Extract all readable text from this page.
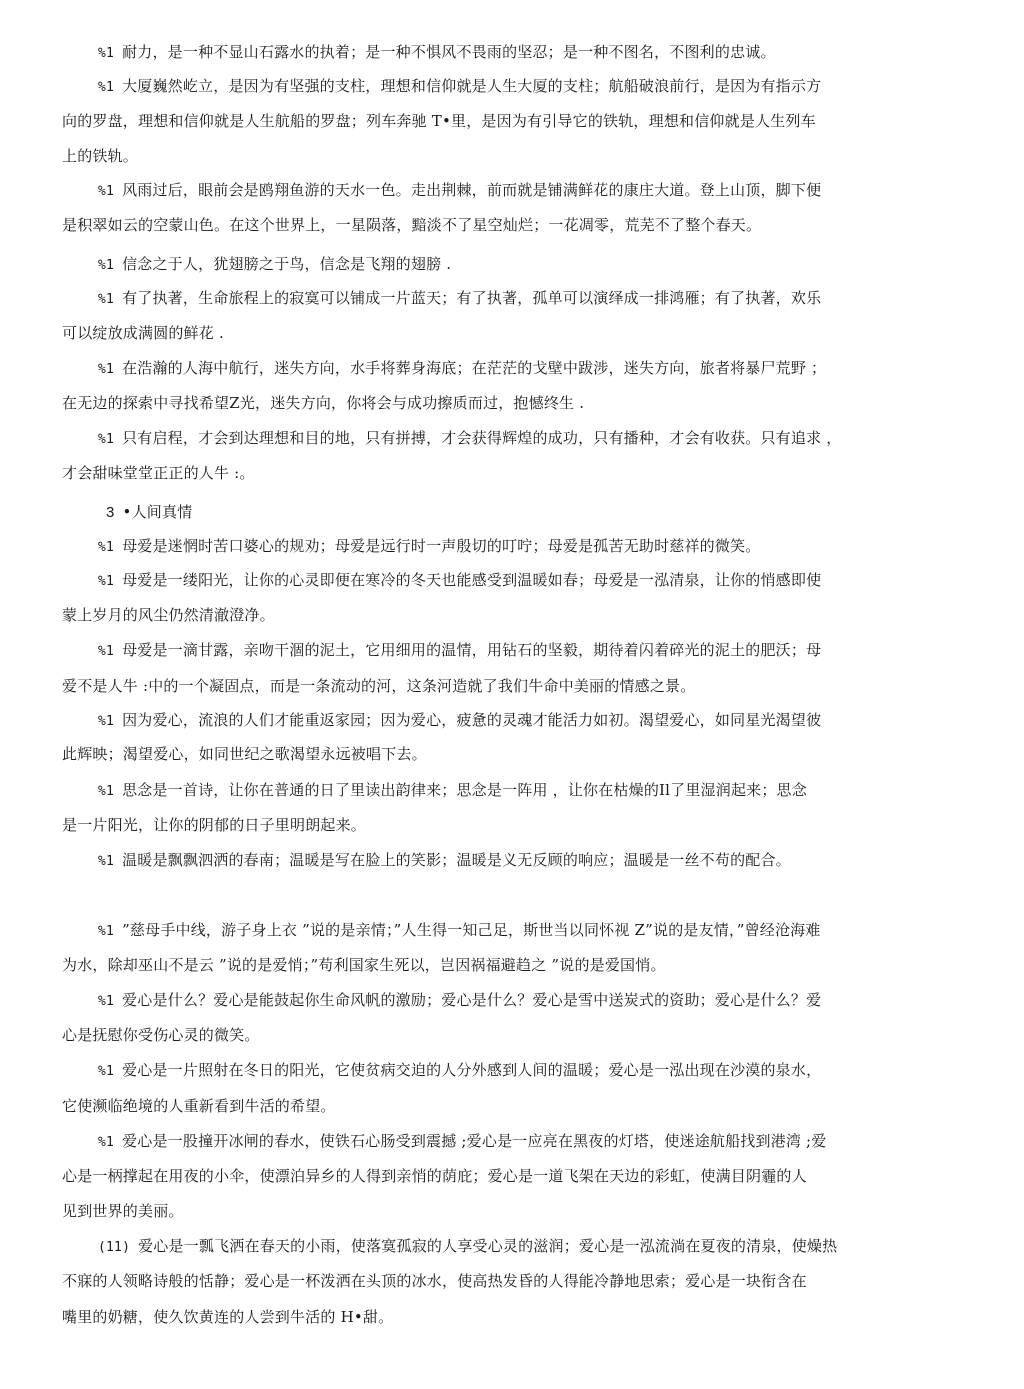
%1 耐力，是一种不显山石露水的执着；是一种不惧风不畏雨的坚忍；是一种不图名，不图利的忠诚。
%1 大厦巍然屹立，是因为有坚强的支柱，理想和信仰就是人生大厦的支柱；航船破浪前行，是因为有指示方
向的罗盘，理想和信仰就是人生航船的罗盘；列车奔驰 T•里，是因为有引导它的铁轨，理想和信仰就是人生列车
上的铁轨。
%1 风雨过后，眼前会是鸥翔鱼游的天水一色。走出荆棘，前而就是铺满鲜花的康庄大道。登上山顶，脚下便
是积翠如云的空蒙山色。在这个世界上，一星陨落，黯淡不了星空灿烂；一花凋零，荒芜不了整个春天。
%1 信念之于人，犹翅膀之于鸟，信念是飞翔的翅膀 .
%1 有了执著，生命旅程上的寂寞可以铺成一片蓝天；有了执著，孤单可以演绎成一排鸿雁；有了执著，欢乐
可以绽放成满圆的鲜花 .
%1 在浩瀚的人海中航行，迷失方向，水手将葬身海底；在茫茫的戈壁中跋涉，迷失方向，旅者将暴尸荒野 ；
在无边的探索中寻找希望Z光，迷失方向，你将会与成功擦质而过，抱憾终生 .
%1 只有启程，才会到达理想和目的地，只有拼搏，才会获得辉煌的成功，只有播种，才会有收获。只有追求 ，
才会甜味堂堂正正的人牛 :。
3 •人间真情
%1 母爱是迷惘时苦口婆心的规劝；母爱是远行时一声殷切的叮咛；母爱是孤苦无助时慈祥的微笑。
%1 母爱是一缕阳光，让你的心灵即便在寒冷的冬天也能感受到温暖如春；母爱是一泓清泉，让你的悄感即使
蒙上岁月的风尘仍然清澈澄净。
%1 母爱是一滴甘露，亲吻干涸的泥土，它用细用的温情，用钻石的坚毅，期待着闪着碎光的泥土的肥沃；母
爱不是人牛 :中的一个凝固点，而是一条流动的河，这条河造就了我们牛命中美丽的情感之景。
%1 因为爱心，流浪的人们才能重返家园；因为爱心，疲惫的灵魂才能活力如初。渴望爱心，如同星光渴望彼
此辉映；渴望爱心，如同世纪之歌渴望永远被唱下去。
%1 思念是一首诗，让你在普通的日了里读出韵律来；思念是一阵用 ，让你在枯燥的Il了里湿润起来；思念
是一片阳光，让你的阴郁的日子里明朗起来。
%1 温暖是飘飘泗洒的春南；温暖是写在脸上的笑影；温暖是义无反顾的响应；温暖是一丝不苟的配合。
%1 ”慈母手中线，游子身上衣 ”说的是亲情；”人生得一知己足，斯世当以同怀视 Z”说的是友情，”曾经沧海难
为水，除却巫山不是云 ”说的是爱悄；”苟利国家生死以，岂因祸福避趋之 ”说的是爱国悄。
%1 爱心是什么？爱心是能鼓起你生命风帆的激励；爱心是什么？爱心是雪中送炭式的资助；爱心是什么？爱
心是抚慰你受伤心灵的微笑。
%1 爱心是一片照射在冬日的阳光，它使贫病交迫的人分外感到人间的温暖；爱心是一泓出现在沙漠的泉水，
它使濒临绝境的人重新看到牛活的希望。
%1 爱心是一股撞开冰闸的春水，使铁石心肠受到震撼 ;爱心是一应亮在黑夜的灯塔，使迷途航船找到港湾 ;爱
心是一柄撑起在用夜的小伞，使漂泊异乡的人得到亲悄的荫庇；爱心是一道飞架在天边的彩虹，使满目阴霾的人
见到世界的美丽。
(11) 爱心是一瓢飞洒在春天的小雨，使落寞孤寂的人享受心灵的滋润；爱心是一泓流淌在夏夜的清泉，使燥热
不寐的人领略诗般的恬静；爱心是一杯泼洒在头顶的冰水，使高热发昏的人得能冷静地思索；爱心是一块衔含在
嘴里的奶糖，使久饮黄连的人尝到牛活的 H•甜。
